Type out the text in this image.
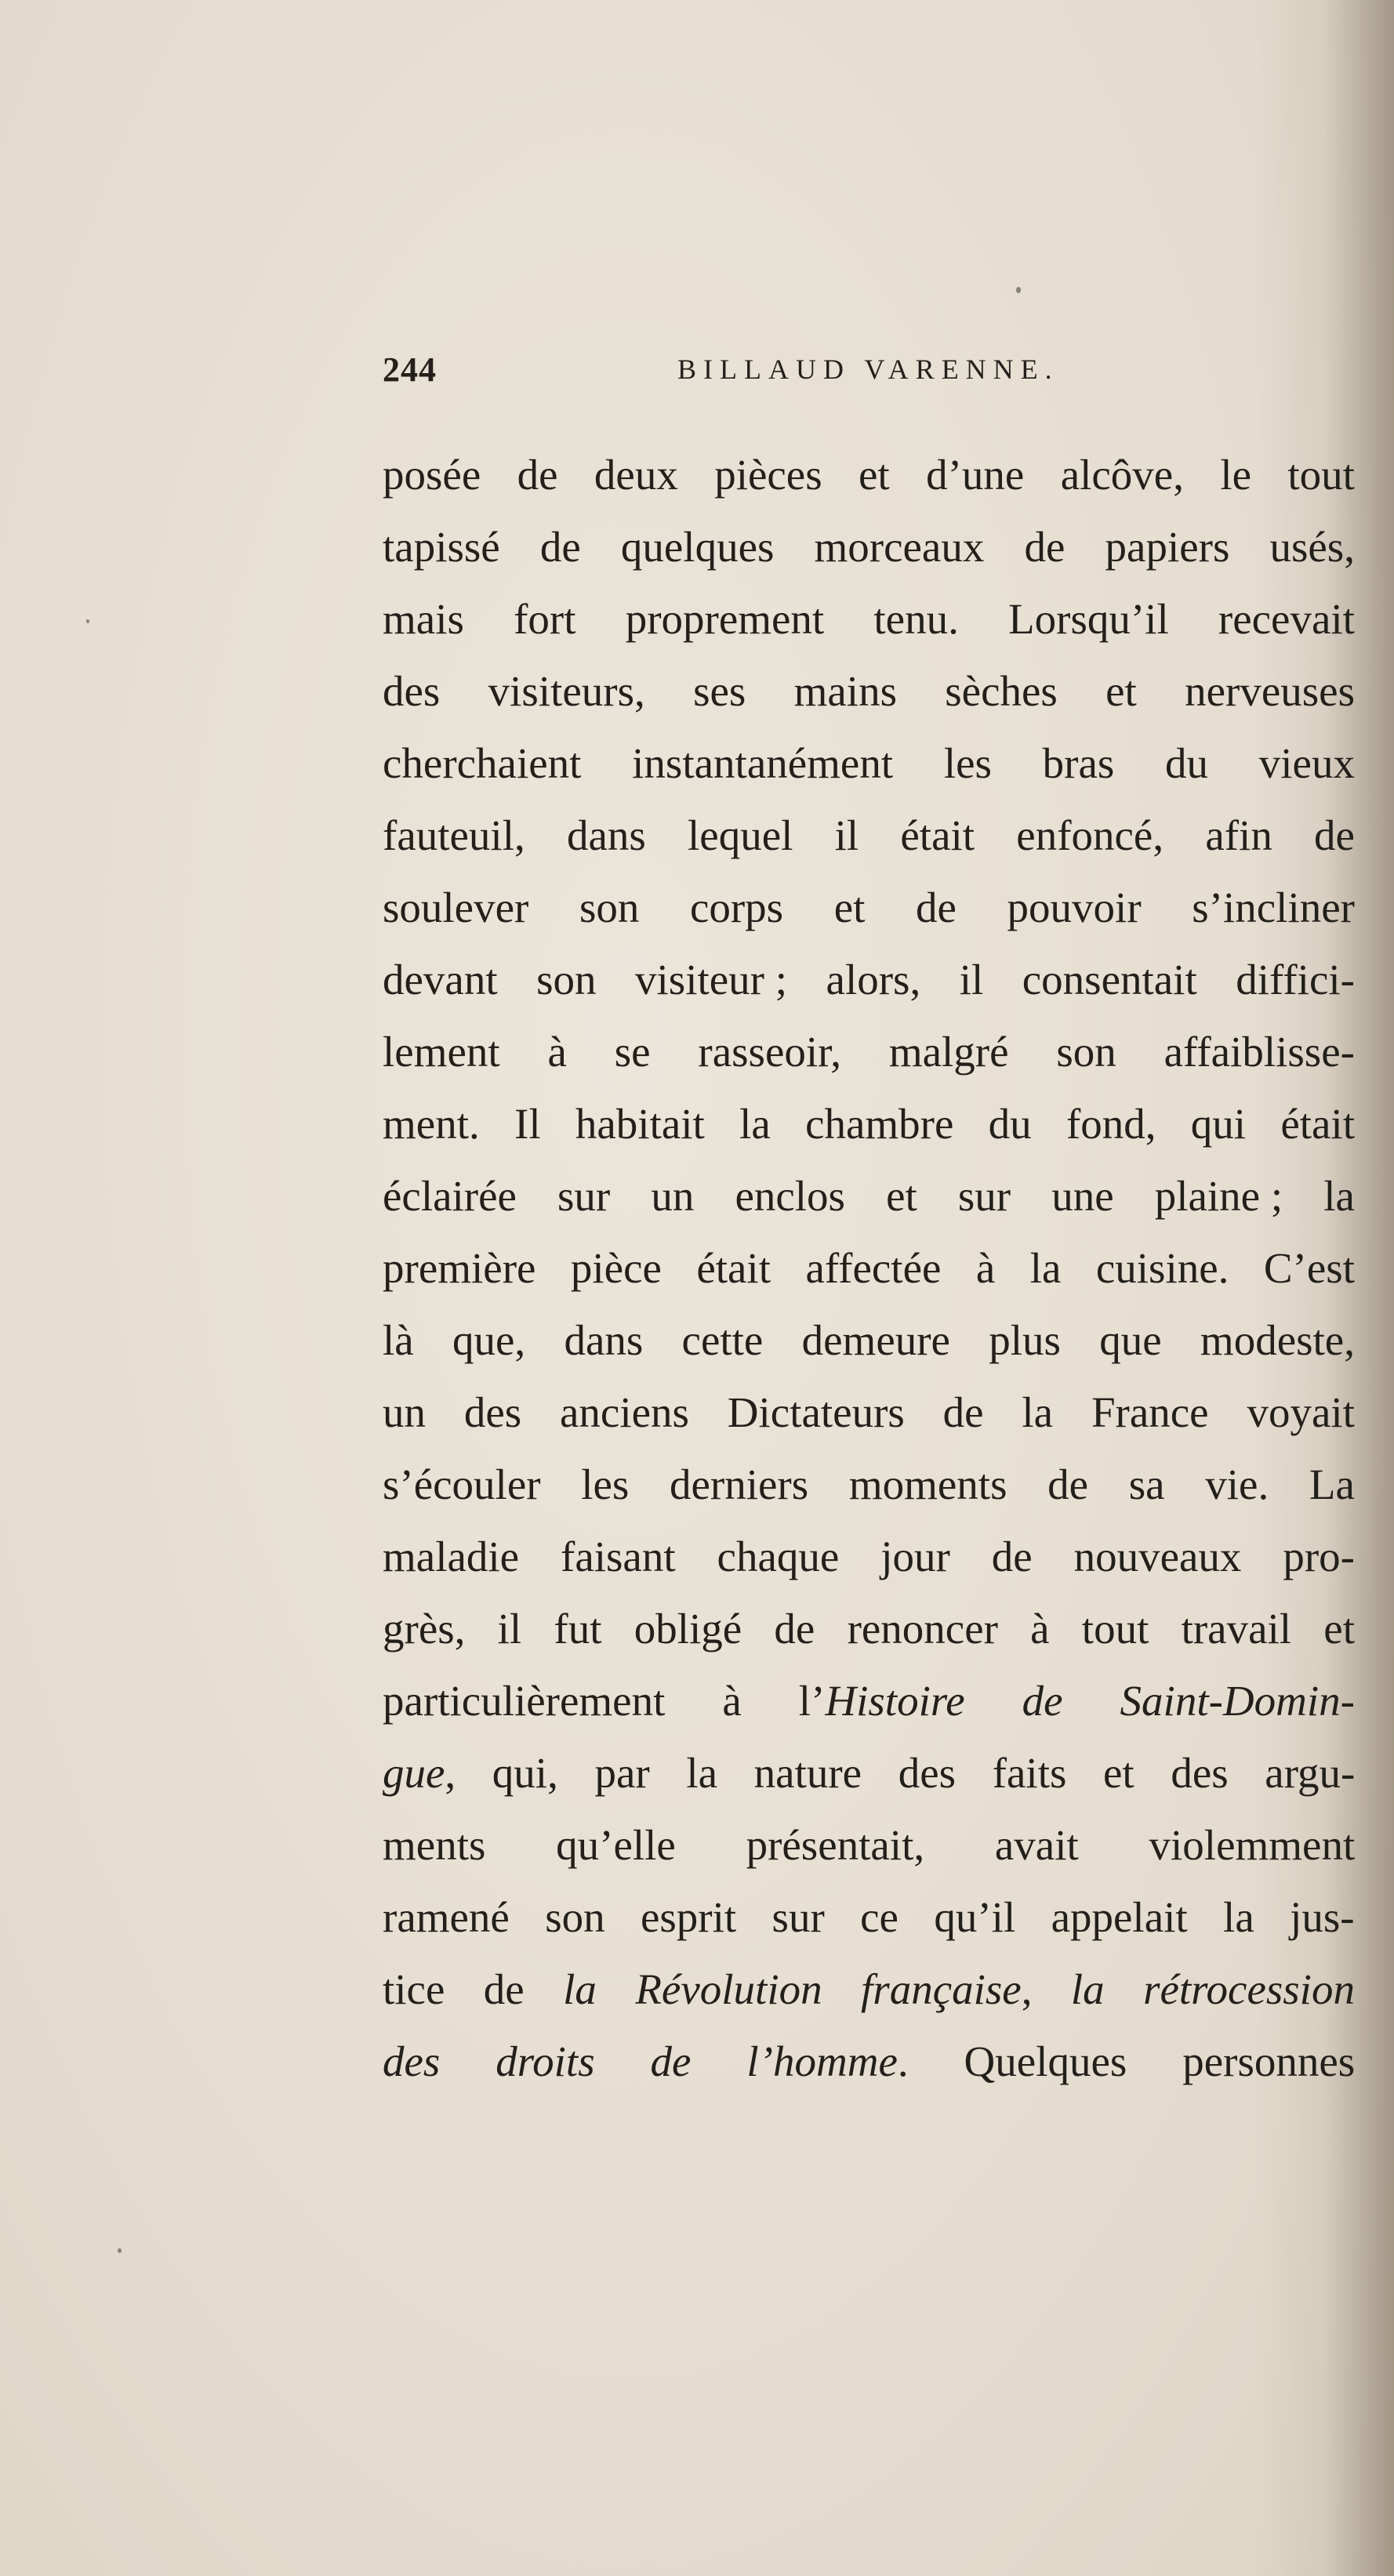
244	BILLAUD VARENNE.
posée de deux pièces et d’une alcôve, le tout
tapissé de quelques morceaux de papiers usés,
mais fort proprement tenu. Lorsqu’il recevait
des visiteurs, ses mains sèches et nerveuses
cherchaient instantanément les bras du vieux
fauteuil, dans lequel il était enfoncé, afin de
soulever son corps et de pouvoir s’incliner
devant son visiteur ; alors, il consentait diffici-
lement à se rasseoir, malgré son affaiblisse-
ment. Il habitait la chambre du fond, qui était
éclairée sur un enclos et sur une plaine ; la
première pièce était affectée à la cuisine. C’est
là que, dans cette demeure plus que modeste,
un des anciens Dictateurs de la France voyait
s’écouler les derniers moments de sa vie. La
maladie faisant chaque jour de nouveaux pro-
grès, il fut obligé de renoncer à tout travail et
particulièrement à l’Histoire de Saint-Domin-
gue, qui, par la nature des faits et des argu-
ments qu’elle présentait, avait violemment
ramené son esprit sur ce qu’il appelait la jus-
tice de la Révolution française, la rétrocession
des droits de l’homme. Quelques personnes
